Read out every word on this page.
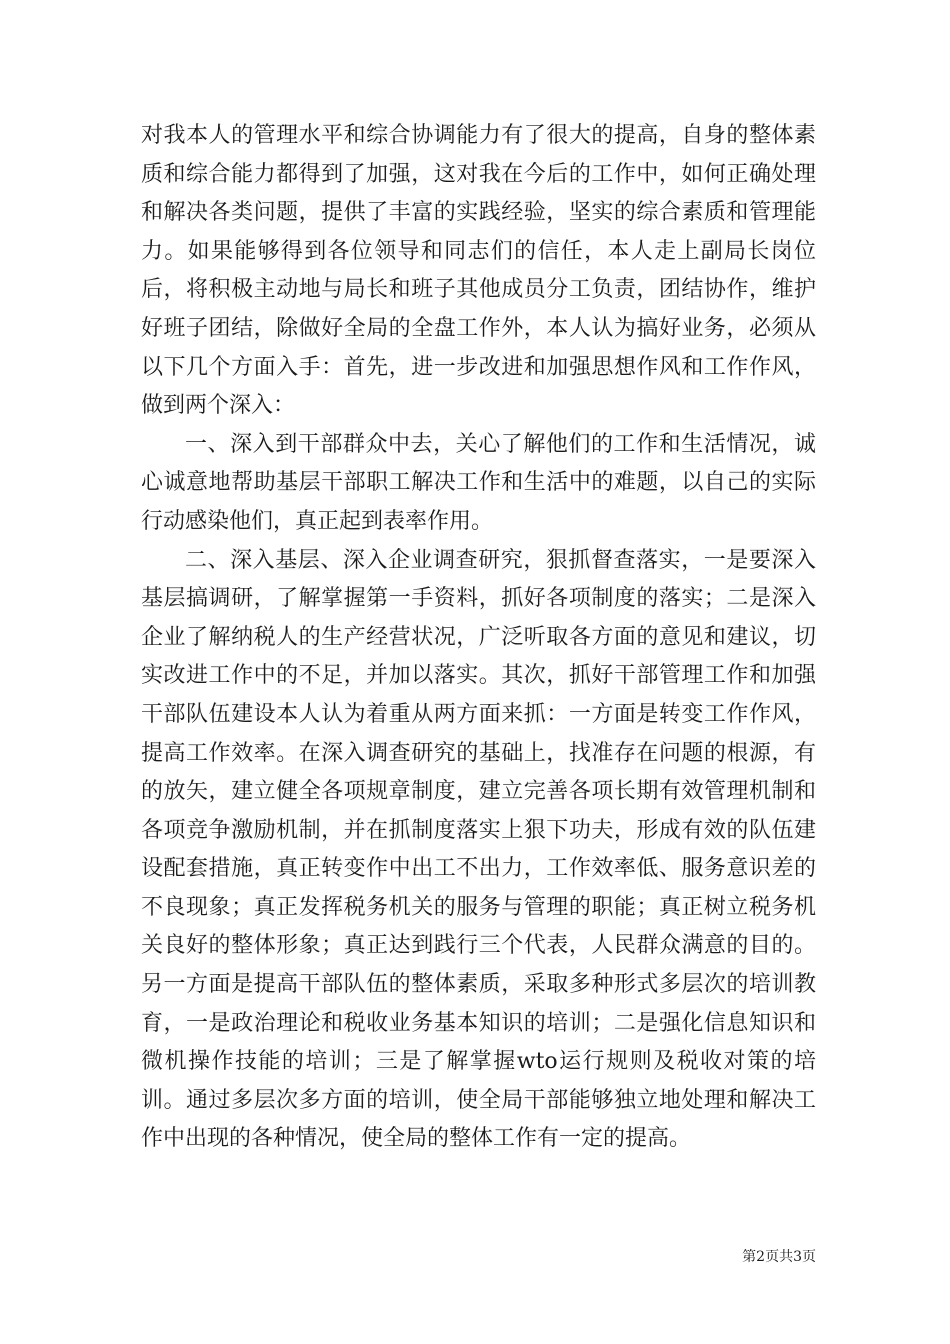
对我本人的管理水平和综合协调能力有了很大的提高，自身的整体素质和综合能力都得到了加强，这对我在今后的工作中，如何正确处理和解决各类问题，提供了丰富的实践经验，坚实的综合素质和管理能力。如果能够得到各位领导和同志们的信任，本人走上副局长岗位后，将积极主动地与局长和班子其他成员分工负责，团结协作，维护好班子团结，除做好全局的全盘工作外，本人认为搞好业务，必须从以下几个方面入手：首先，进一步改进和加强思想作风和工作作风，做到两个深入：

一、深入到干部群众中去，关心了解他们的工作和生活情况，诚心诚意地帮助基层干部职工解决工作和生活中的难题，以自己的实际行动感染他们，真正起到表率作用。

二、深入基层、深入企业调查研究，狠抓督查落实，一是要深入基层搞调研，了解掌握第一手资料，抓好各项制度的落实；二是深入企业了解纳税人的生产经营状况，广泛听取各方面的意见和建议，切实改进工作中的不足，并加以落实。其次，抓好干部管理工作和加强干部队伍建设本人认为着重从两方面来抓：一方面是转变工作作风，提高工作效率。在深入调查研究的基础上，找准存在问题的根源，有的放矢，建立健全各项规章制度，建立完善各项长期有效管理机制和各项竞争激励机制，并在抓制度落实上狠下功夫，形成有效的队伍建设配套措施，真正转变作中出工不出力，工作效率低、服务意识差的不良现象；真正发挥税务机关的服务与管理的职能；真正树立税务机关良好的整体形象；真正达到践行三个代表，人民群众满意的目的。另一方面是提高干部队伍的整体素质，采取多种形式多层次的培训教育，一是政治理论和税收业务基本知识的培训；二是强化信息知识和微机操作技能的培训；三是了解掌握wto运行规则及税收对策的培训。通过多层次多方面的培训，使全局干部能够独立地处理和解决工作中出现的各种情况，使全局的整体工作有一定的提高。

第2页共3页
